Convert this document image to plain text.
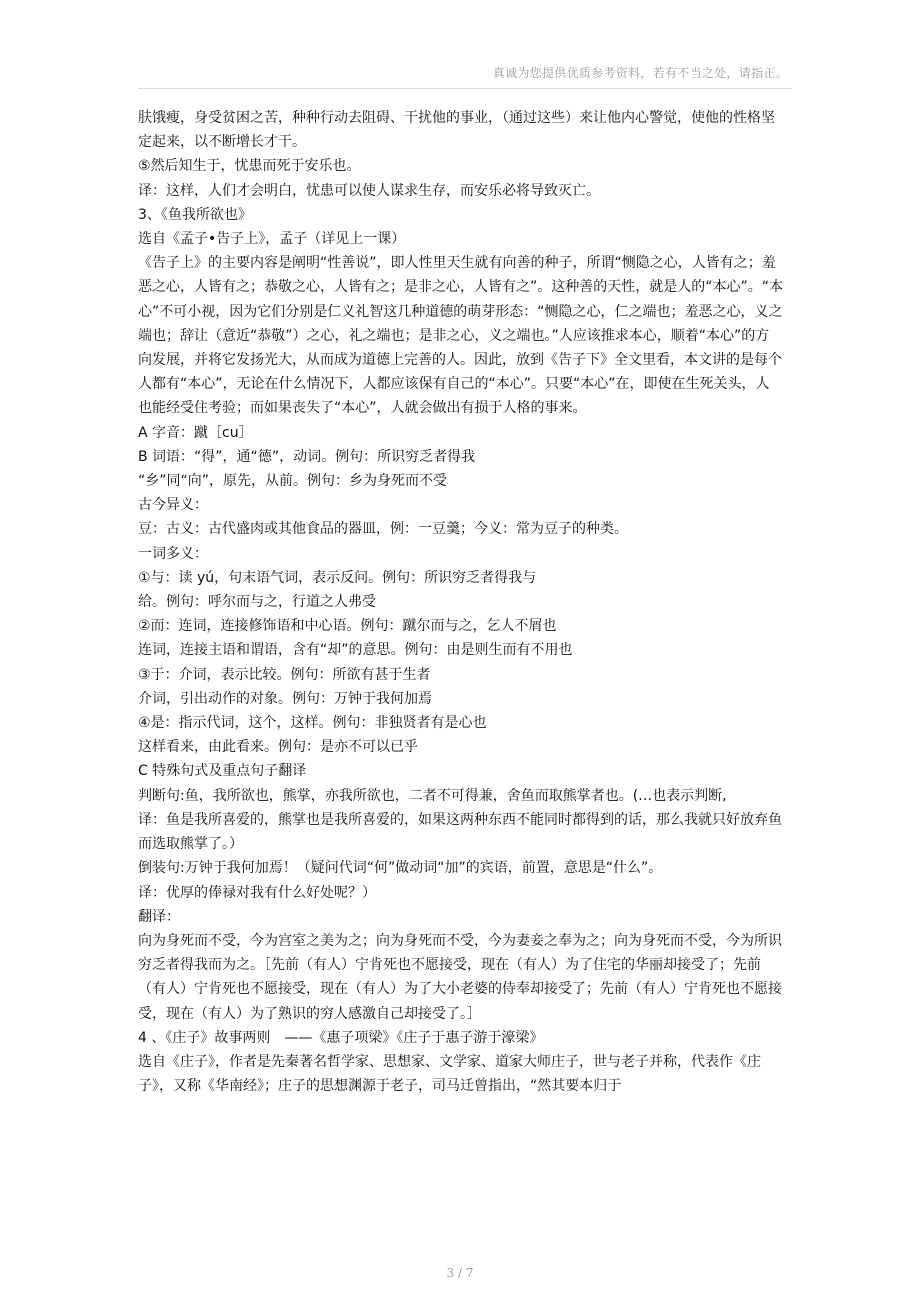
真诚为您提供优质参考资料，若有不当之处，请指正。

肤饿瘦，身受贫困之苦，种种行动去阻碍、干扰他的事业，（通过这些）来让他内心警觉，使他的性格坚定起来，以不断增长才干。

⑤然后知生于，忧患而死于安乐也。

译：这样，人们才会明白，忧患可以使人谋求生存，而安乐必将导致灭亡。

3、《鱼我所欲也》

选自《孟子•告子上》，孟子（详见上一课）

《告子上》的主要内容是阐明“性善说”，即人性里天生就有向善的种子，所谓“恻隐之心，人皆有之；羞恶之心，人皆有之；恭敬之心，人皆有之；是非之心，人皆有之”。这种善的天性，就是人的“本心”。“本心”不可小视，因为它们分别是仁义礼智这几种道德的萌芽形态：“恻隐之心，仁之端也；羞恶之心，义之端也；辞让（意近“恭敬”）之心，礼之端也；是非之心，义之端也。”人应该推求本心，顺着“本心”的方向发展，并将它发扬光大，从而成为道德上完善的人。因此，放到《告子下》全文里看，本文讲的是每个人都有“本心”，无论在什么情况下，人都应该保有自己的“本心”。只要“本心”在，即使在生死关头，人也能经受住考验；而如果丧失了“本心”，人就会做出有损于人格的事来。

A 字音：蹴［cu］

B 词语：“得”，通“德”，动词。例句：所识穷乏者得我

“乡”同“向”，原先，从前。例句：乡为身死而不受

古今异义：

豆：古义：古代盛肉或其他食品的器皿，例：一豆羹；今义：常为豆子的种类。

一词多义：

①与：读 yú，句末语气词，表示反问。例句：所识穷乏者得我与

给。例句：呼尔而与之，行道之人弗受

②而：连词，连接修饰语和中心语。例句：蹴尔而与之，乞人不屑也

连词，连接主语和谓语，含有“却”的意思。例句：由是则生而有不用也

③于：介词，表示比较。例句：所欲有甚于生者

介词，引出动作的对象。例句：万钟于我何加焉

④是：指示代词，这个，这样。例句：非独贤者有是心也

这样看来，由此看来。例句：是亦不可以已乎

C 特殊句式及重点句子翻译

判断句:鱼，我所欲也，熊掌，亦我所欲也，二者不可得兼，舍鱼而取熊掌者也。(…也表示判断,

译：鱼是我所喜爱的，熊掌也是我所喜爱的，如果这两种东西不能同时都得到的话，那么我就只好放弃鱼而选取熊掌了。）

倒装句:万钟于我何加焉！（疑问代词“何”做动词“加”的宾语，前置，意思是“什么”。

译：优厚的俸禄对我有什么好处呢？）

翻译：

向为身死而不受，今为宫室之美为之；向为身死而不受，今为妻妾之奉为之；向为身死而不受，今为所识穷乏者得我而为之。［先前（有人）宁肯死也不愿接受，现在（有人）为了住宅的华丽却接受了；先前（有人）宁肯死也不愿接受，现在（有人）为了大小老婆的侍奉却接受了；先前（有人）宁肯死也不愿接受，现在（有人）为了熟识的穷人感激自己却接受了。］

4 、《庄子》故事两则　——《惠子项梁》《庄子于惠子游于濠梁》

选自《庄子》，作者是先秦著名哲学家、思想家、文学家、道家大师庄子，世与老子并称，代表作《庄子》，又称《华南经》；庄子的思想渊源于老子，司马迁曾指出，“然其要本归于

3 / 7
